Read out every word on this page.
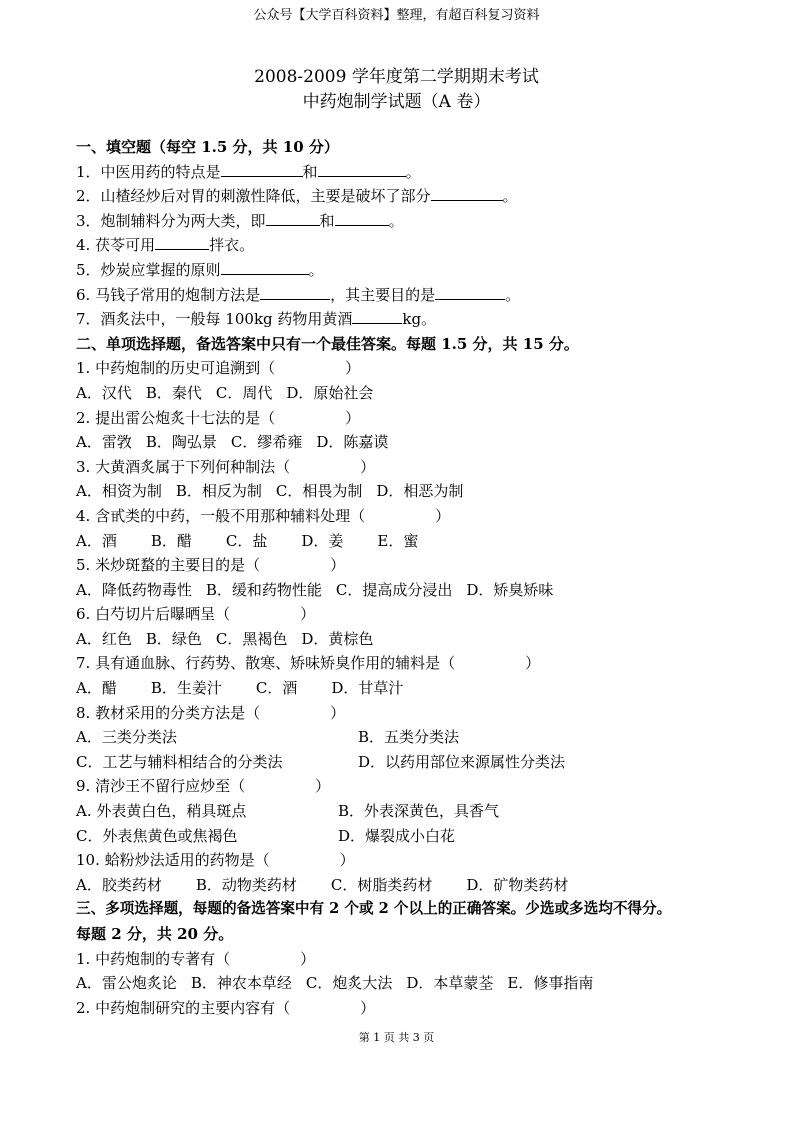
公众号【大学百科资料】整理，有超百科复习资料
2008-2009 学年度第二学期期末考试
中药炮制学试题（A 卷）
一、填空题（每空 1.5 分，共 10 分）
1．中医用药的特点是	和	。
2．山楂经炒后对胃的刺激性降低，主要是破坏了部分	。
3．炮制辅料分为两大类，即	和	。
4. 茯苓可用	拌衣。
5．炒炭应掌握的原则	。
6. 马钱子常用的炮制方法是	，其主要目的是	。
7．酒炙法中，一般每 100kg 药物用黄酒	kg。
二、单项选择题，备选答案中只有一个最佳答案。每题 1.5 分，共 15 分。
1. 中药炮制的历史可追溯到（	）
A．汉代 B．秦代 C．周代 D．原始社会
2. 提出雷公炮炙十七法的是（	）
A．雷敩 B．陶弘景 C．缪希雍 D．陈嘉谟
3. 大黄酒炙属于下列何种制法（	）
A．相资为制 B．相反为制 C．相畏为制 D．相恶为制
4. 含甙类的中药，一般不用那种辅料处理（	）
A．酒 B．醋 C．盐 D．姜 E．蜜
5. 米炒斑蝥的主要目的是（	）
A．降低药物毒性 B．缓和药物性能 C．提高成分浸出 D．矫臭矫味
6. 白芍切片后曝晒呈（	）
A．红色 B．绿色 C．黑褐色 D．黄棕色
7. 具有通血脉、行药势、散寒、矫味矫臭作用的辅料是（	）
A．醋 B．生姜汁 C．酒 D．甘草汁
8. 教材采用的分类方法是（	）
A．三类分类法	B．五类分类法
C．工艺与辅料相结合的分类法	D．以药用部位来源属性分类法
9. 清沙王不留行应炒至（	）
A. 外表黄白色，稍具斑点	B．外表深黄色，具香气
C．外表焦黄色或焦褐色	D．爆裂成小白花
10. 蛤粉炒法适用的药物是（	）
A．胶类药材 B．动物类药材 C．树脂类药材 D．矿物类药材
三、多项选择题，每题的备选答案中有 2 个或 2 个以上的正确答案。少选或多选均不得分。
每题 2 分，共 20 分。
1. 中药炮制的专著有（	）
A．雷公炮炙论 B．神农本草经 C．炮炙大法 D．本草蒙荃 E．修事指南
2. 中药炮制研究的主要内容有（	）
第 1 页 共 3 页
